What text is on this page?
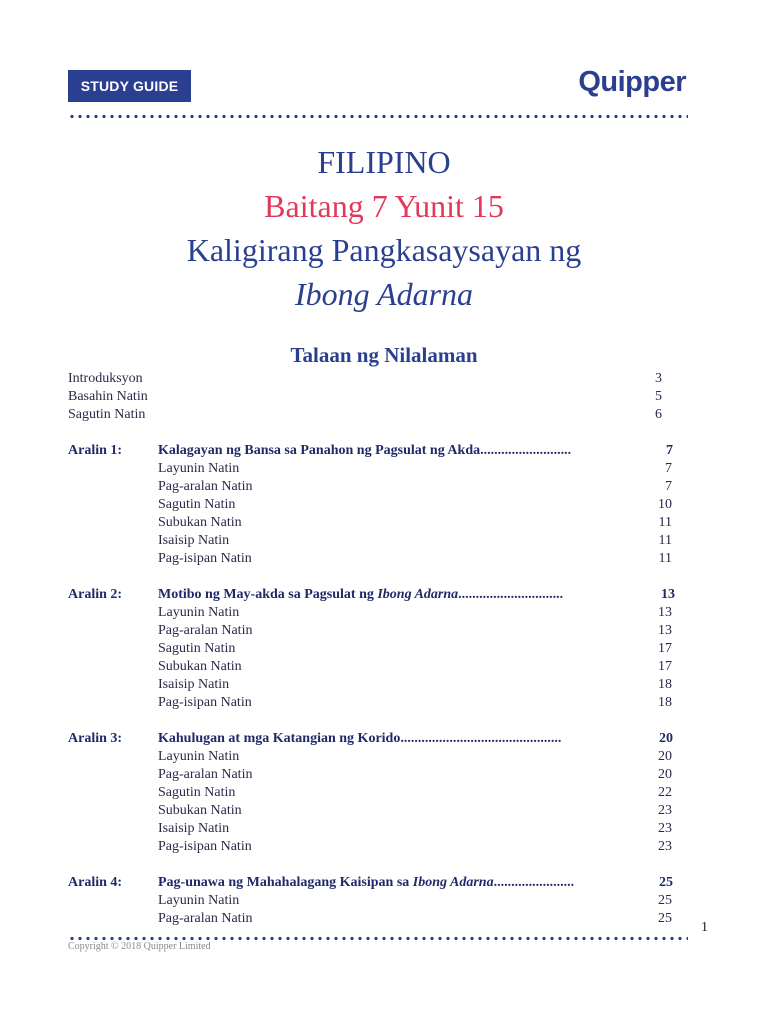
STUDY GUIDE	Quipper
FILIPINO
Baitang 7 Yunit 15
Kaligirang Pangkasaysayan ng
Ibong Adarna
Talaan ng Nilalaman
Introduksyon	3
Basahin Natin	5
Sagutin Natin	6
Aralin 1:	Kalagayan ng Bansa sa Panahon ng Pagsulat ng Akda..........................	7
Layunin Natin	7
Pag-aralan Natin	7
Sagutin Natin	10
Subukan Natin	11
Isaisip Natin	11
Pag-isipan Natin	11
Aralin 2:	Motibo ng May-akda sa Pagsulat ng Ibong Adarna..............................	13
Layunin Natin	13
Pag-aralan Natin	13
Sagutin Natin	17
Subukan Natin	17
Isaisip Natin	18
Pag-isipan Natin	18
Aralin 3:	Kahulugan at mga Katangian ng Korido..............................................	20
Layunin Natin	20
Pag-aralan Natin	20
Sagutin Natin	22
Subukan Natin	23
Isaisip Natin	23
Pag-isipan Natin	23
Aralin 4:	Pag-unawa ng Mahahalagang Kaisipan sa Ibong Adarna.......................	25
Layunin Natin	25
Pag-aralan Natin	25
1
Copyright © 2018 Quipper Limited
